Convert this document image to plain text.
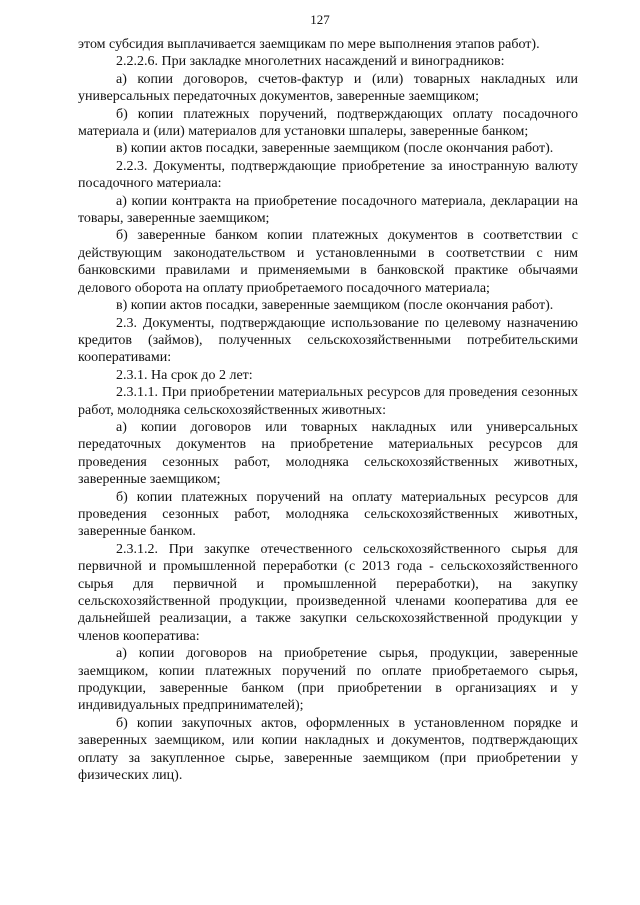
127

этом субсидия выплачивается заемщикам по мере выполнения этапов работ).

2.2.2.6. При закладке многолетних насаждений и виноградников:

а) копии договоров, счетов-фактур и (или) товарных накладных или универсальных передаточных документов, заверенные заемщиком;

б) копии платежных поручений, подтверждающих оплату посадочного материала и (или) материалов для установки шпалеры, заверенные банком;

в) копии актов посадки, заверенные заемщиком (после окончания работ).

2.2.3. Документы, подтверждающие приобретение за иностранную валюту посадочного материала:

а) копии контракта на приобретение посадочного материала, декларации на товары, заверенные заемщиком;

б) заверенные банком копии платежных документов в соответствии с действующим законодательством и установленными в соответствии с ним банковскими правилами и применяемыми в банковской практике обычаями делового оборота на оплату приобретаемого посадочного материала;

в) копии актов посадки, заверенные заемщиком (после окончания работ).

2.3. Документы, подтверждающие использование по целевому назначению кредитов (займов), полученных сельскохозяйственными потребительскими кооперативами:

2.3.1. На срок до 2 лет:

2.3.1.1. При приобретении материальных ресурсов для проведения сезонных работ, молодняка сельскохозяйственных животных:

а) копии договоров или товарных накладных или универсальных передаточных документов на приобретение материальных ресурсов для проведения сезонных работ, молодняка сельскохозяйственных животных, заверенные заемщиком;

б) копии платежных поручений на оплату материальных ресурсов для проведения сезонных работ, молодняка сельскохозяйственных животных, заверенные банком.

2.3.1.2. При закупке отечественного сельскохозяйственного сырья для первичной и промышленной переработки (с 2013 года - сельскохозяйственного сырья для первичной и промышленной переработки), на закупку сельскохозяйственной продукции, произведенной членами кооператива для ее дальнейшей реализации, а также закупки сельскохозяйственной продукции у членов кооператива:

а) копии договоров на приобретение сырья, продукции, заверенные заемщиком, копии платежных поручений по оплате приобретаемого сырья, продукции, заверенные банком (при приобретении в организациях и у индивидуальных предпринимателей);

б) копии закупочных актов, оформленных в установленном порядке и заверенных заемщиком, или копии накладных и документов, подтверждающих оплату за закупленное сырье, заверенные заемщиком (при приобретении у физических лиц).
